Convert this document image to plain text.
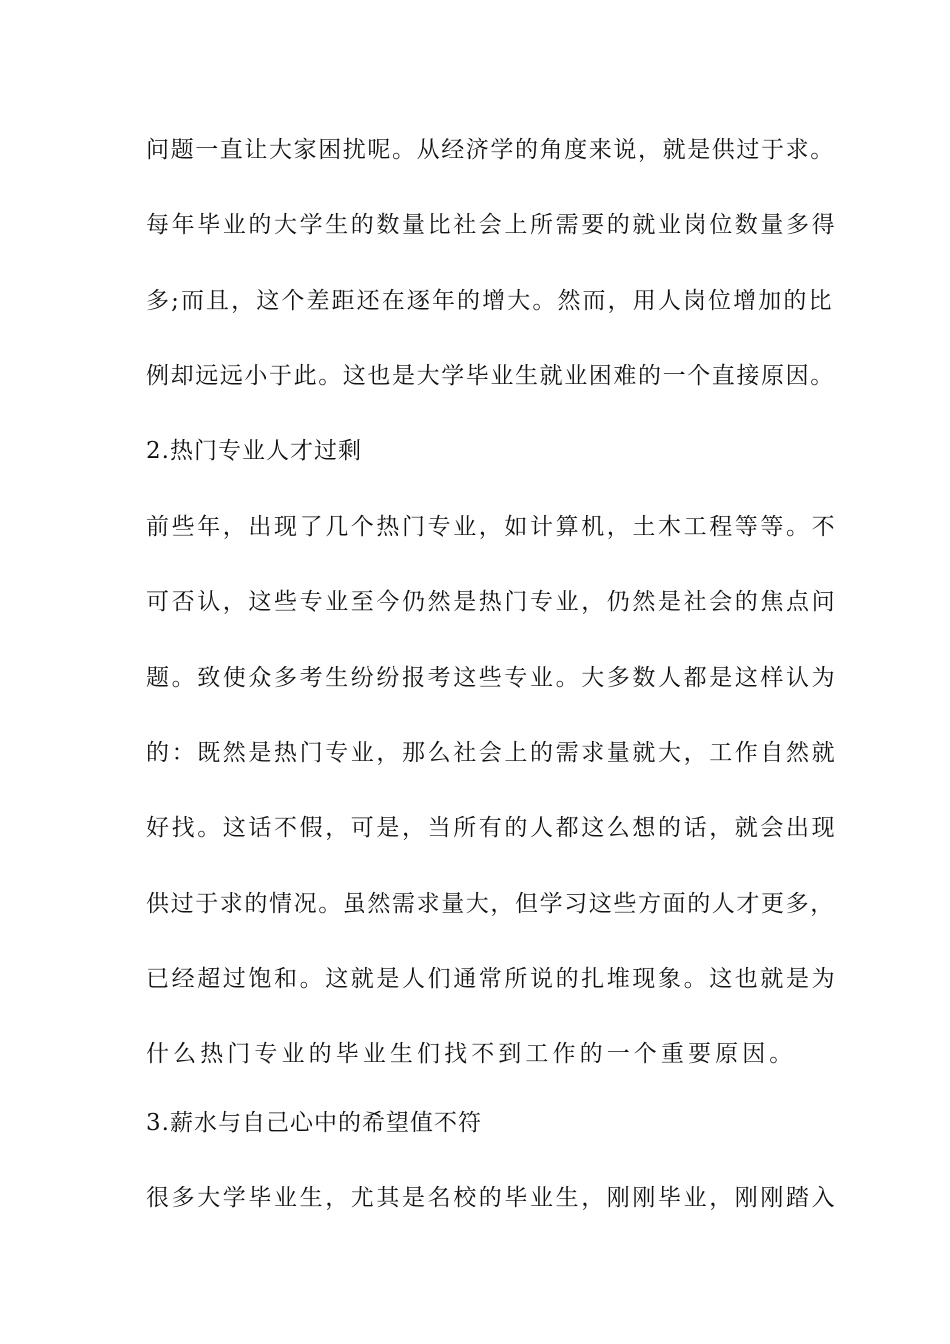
问题一直让大家困扰呢。从经济学的角度来说，就是供过于求。
每年毕业的大学生的数量比社会上所需要的就业岗位数量多得
多;而且，这个差距还在逐年的增大。然而，用人岗位增加的比
例却远远小于此。这也是大学毕业生就业困难的一个直接原因。
2.热门专业人才过剩
前些年，出现了几个热门专业，如计算机，土木工程等等。不
可否认，这些专业至今仍然是热门专业，仍然是社会的焦点问
题。致使众多考生纷纷报考这些专业。大多数人都是这样认为
的：既然是热门专业，那么社会上的需求量就大，工作自然就
好找。这话不假，可是，当所有的人都这么想的话，就会出现
供过于求的情况。虽然需求量大，但学习这些方面的人才更多，
已经超过饱和。这就是人们通常所说的扎堆现象。这也就是为
什么热门专业的毕业生们找不到工作的一个重要原因。
3.薪水与自己心中的希望值不符
很多大学毕业生，尤其是名校的毕业生，刚刚毕业，刚刚踏入
